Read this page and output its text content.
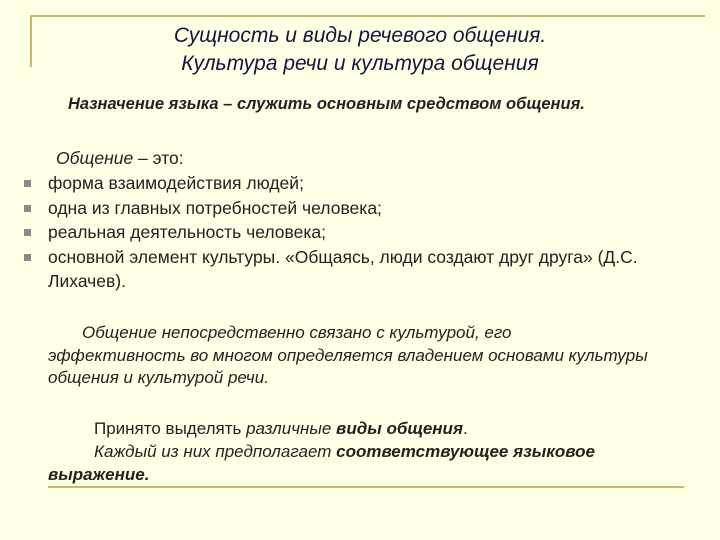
Сущность и виды речевого общения.
Культура речи и культура общения
Назначение языка – служить основным средством общения.
Общение – это:
форма взаимодействия людей;
одна из главных потребностей человека;
реальная деятельность человека;
основной элемент культуры. «Общаясь, люди создают друг друга» (Д.С. Лихачев).
Общение непосредственно связано с культурой, его
эффективность во многом определяется владением основами культуры общения и культурой речи.
Принято выделять различные виды общения.
Каждый из них предполагает соответствующее языковое
выражение.
